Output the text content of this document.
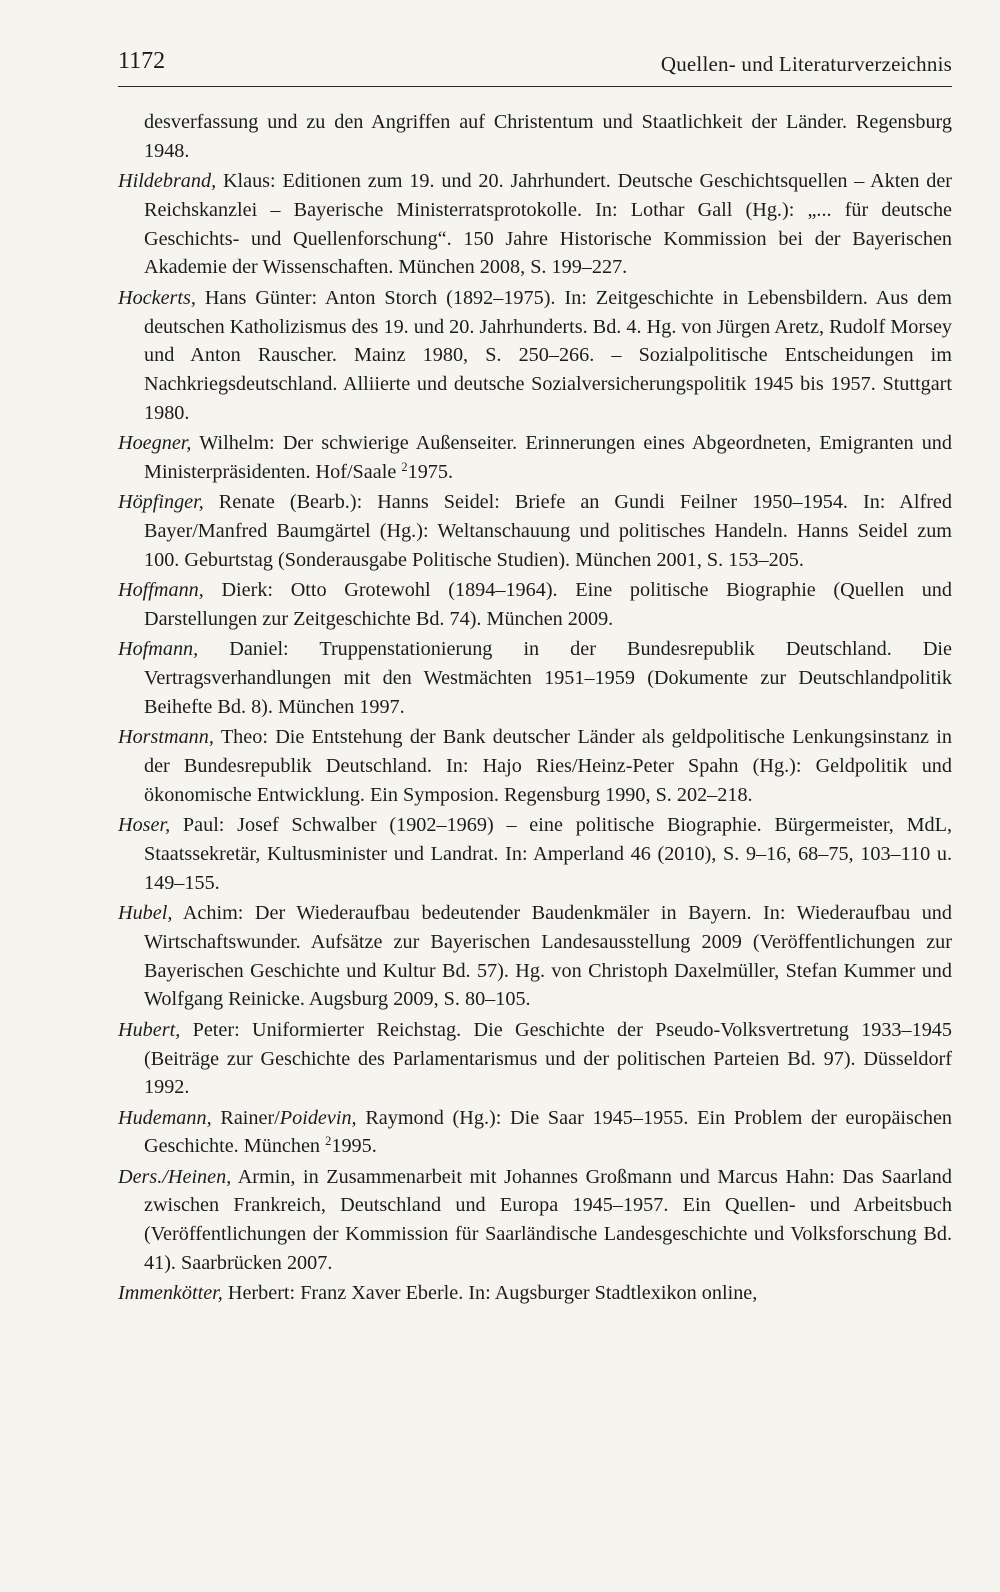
1172	Quellen- und Literaturverzeichnis

desverfassung und zu den Angriffen auf Christentum und Staatlichkeit der Länder. Regensburg 1948.

Hildebrand, Klaus: Editionen zum 19. und 20. Jahrhundert. Deutsche Geschichtsquellen – Akten der Reichskanzlei – Bayerische Ministerratsprotokolle. In: Lothar Gall (Hg.): „... für deutsche Geschichts- und Quellenforschung“. 150 Jahre Historische Kommission bei der Bayerischen Akademie der Wissenschaften. München 2008, S. 199–227.

Hockerts, Hans Günter: Anton Storch (1892–1975). In: Zeitgeschichte in Lebensbildern. Aus dem deutschen Katholizismus des 19. und 20. Jahrhunderts. Bd. 4. Hg. von Jürgen Aretz, Rudolf Morsey und Anton Rauscher. Mainz 1980, S. 250–266. – Sozialpolitische Entscheidungen im Nachkriegsdeutschland. Alliierte und deutsche Sozialversicherungspolitik 1945 bis 1957. Stuttgart 1980.

Hoegner, Wilhelm: Der schwierige Außenseiter. Erinnerungen eines Abgeordneten, Emigranten und Ministerpräsidenten. Hof/Saale $^2$1975.

Höpfinger, Renate (Bearb.): Hanns Seidel: Briefe an Gundi Feilner 1950–1954. In: Alfred Bayer/Manfred Baumgärtel (Hg.): Weltanschauung und politisches Handeln. Hanns Seidel zum 100. Geburtstag (Sonderausgabe Politische Studien). München 2001, S. 153–205.

Hoffmann, Dierk: Otto Grotewohl (1894–1964). Eine politische Biographie (Quellen und Darstellungen zur Zeitgeschichte Bd. 74). München 2009.

Hofmann, Daniel: Truppenstationierung in der Bundesrepublik Deutschland. Die Vertragsverhandlungen mit den Westmächten 1951–1959 (Dokumente zur Deutschlandpolitik Beihefte Bd. 8). München 1997.

Horstmann, Theo: Die Entstehung der Bank deutscher Länder als geldpolitische Lenkungsinstanz in der Bundesrepublik Deutschland. In: Hajo Ries/Heinz-Peter Spahn (Hg.): Geldpolitik und ökonomische Entwicklung. Ein Symposion. Regensburg 1990, S. 202–218.

Hoser, Paul: Josef Schwalber (1902–1969) – eine politische Biographie. Bürgermeister, MdL, Staatssekretär, Kultusminister und Landrat. In: Amperland 46 (2010), S. 9–16, 68–75, 103–110 u. 149–155.

Hubel, Achim: Der Wiederaufbau bedeutender Baudenkmäler in Bayern. In: Wiederaufbau und Wirtschaftswunder. Aufsätze zur Bayerischen Landesausstellung 2009 (Veröffentlichungen zur Bayerischen Geschichte und Kultur Bd. 57). Hg. von Christoph Daxelmüller, Stefan Kummer und Wolfgang Reinicke. Augsburg 2009, S. 80–105.

Hubert, Peter: Uniformierter Reichstag. Die Geschichte der Pseudo-Volksvertretung 1933–1945 (Beiträge zur Geschichte des Parlamentarismus und der politischen Parteien Bd. 97). Düsseldorf 1992.

Hudemann, Rainer/Poidevin, Raymond (Hg.): Die Saar 1945–1955. Ein Problem der europäischen Geschichte. München $^2$1995.

Ders./Heinen, Armin, in Zusammenarbeit mit Johannes Großmann und Marcus Hahn: Das Saarland zwischen Frankreich, Deutschland und Europa 1945–1957. Ein Quellen- und Arbeitsbuch (Veröffentlichungen der Kommission für Saarländische Landesgeschichte und Volksforschung Bd. 41). Saarbrücken 2007.

Immenkötter, Herbert: Franz Xaver Eberle. In: Augsburger Stadtlexikon online,
